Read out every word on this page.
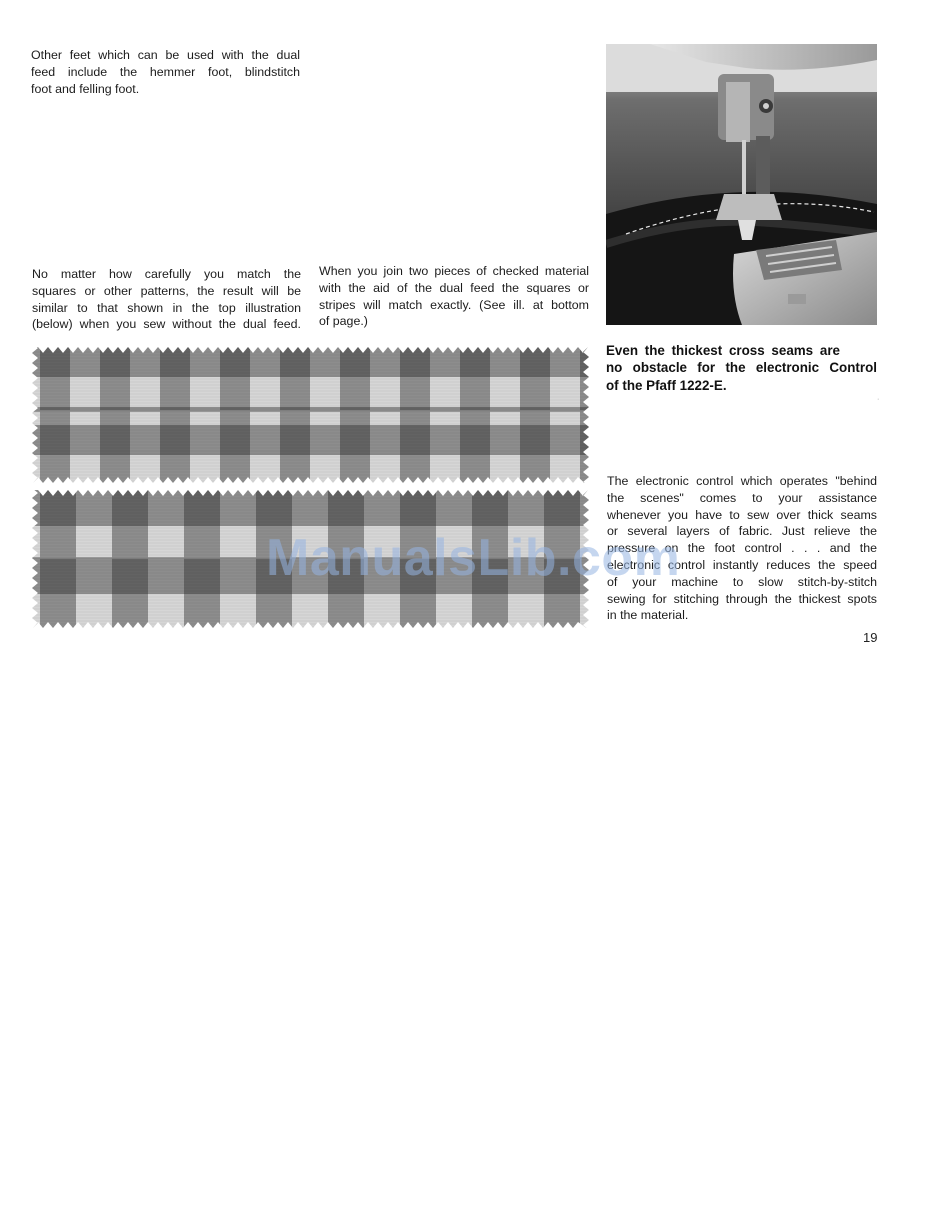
Other feet which can be used with the dual
feed include the hemmer foot, blindstitch
foot and felling foot.
No matter how carefully you match the
squares or other patterns, the result will be
similar to that shown in the top illustration
(below) when you sew without the dual feed.
When you join two pieces of checked material
with the aid of the dual feed the squares or
stripes will match exactly. (See ill. at bottom
of page.)
Even the thickest cross seams are
no obstacle for the electronic Control
of the Pfaff 1222-E.
·
The electronic control which operates "behind
the scenes" comes to your assistance
whenever you have to sew over thick seams
or several layers of fabric. Just relieve the
pressure on the foot control . . . and the
electronic control instantly reduces the speed
of your machine to slow stitch-by-stitch
sewing for stitching through the thickest spots
in the material.
ManualsLib.com
19
